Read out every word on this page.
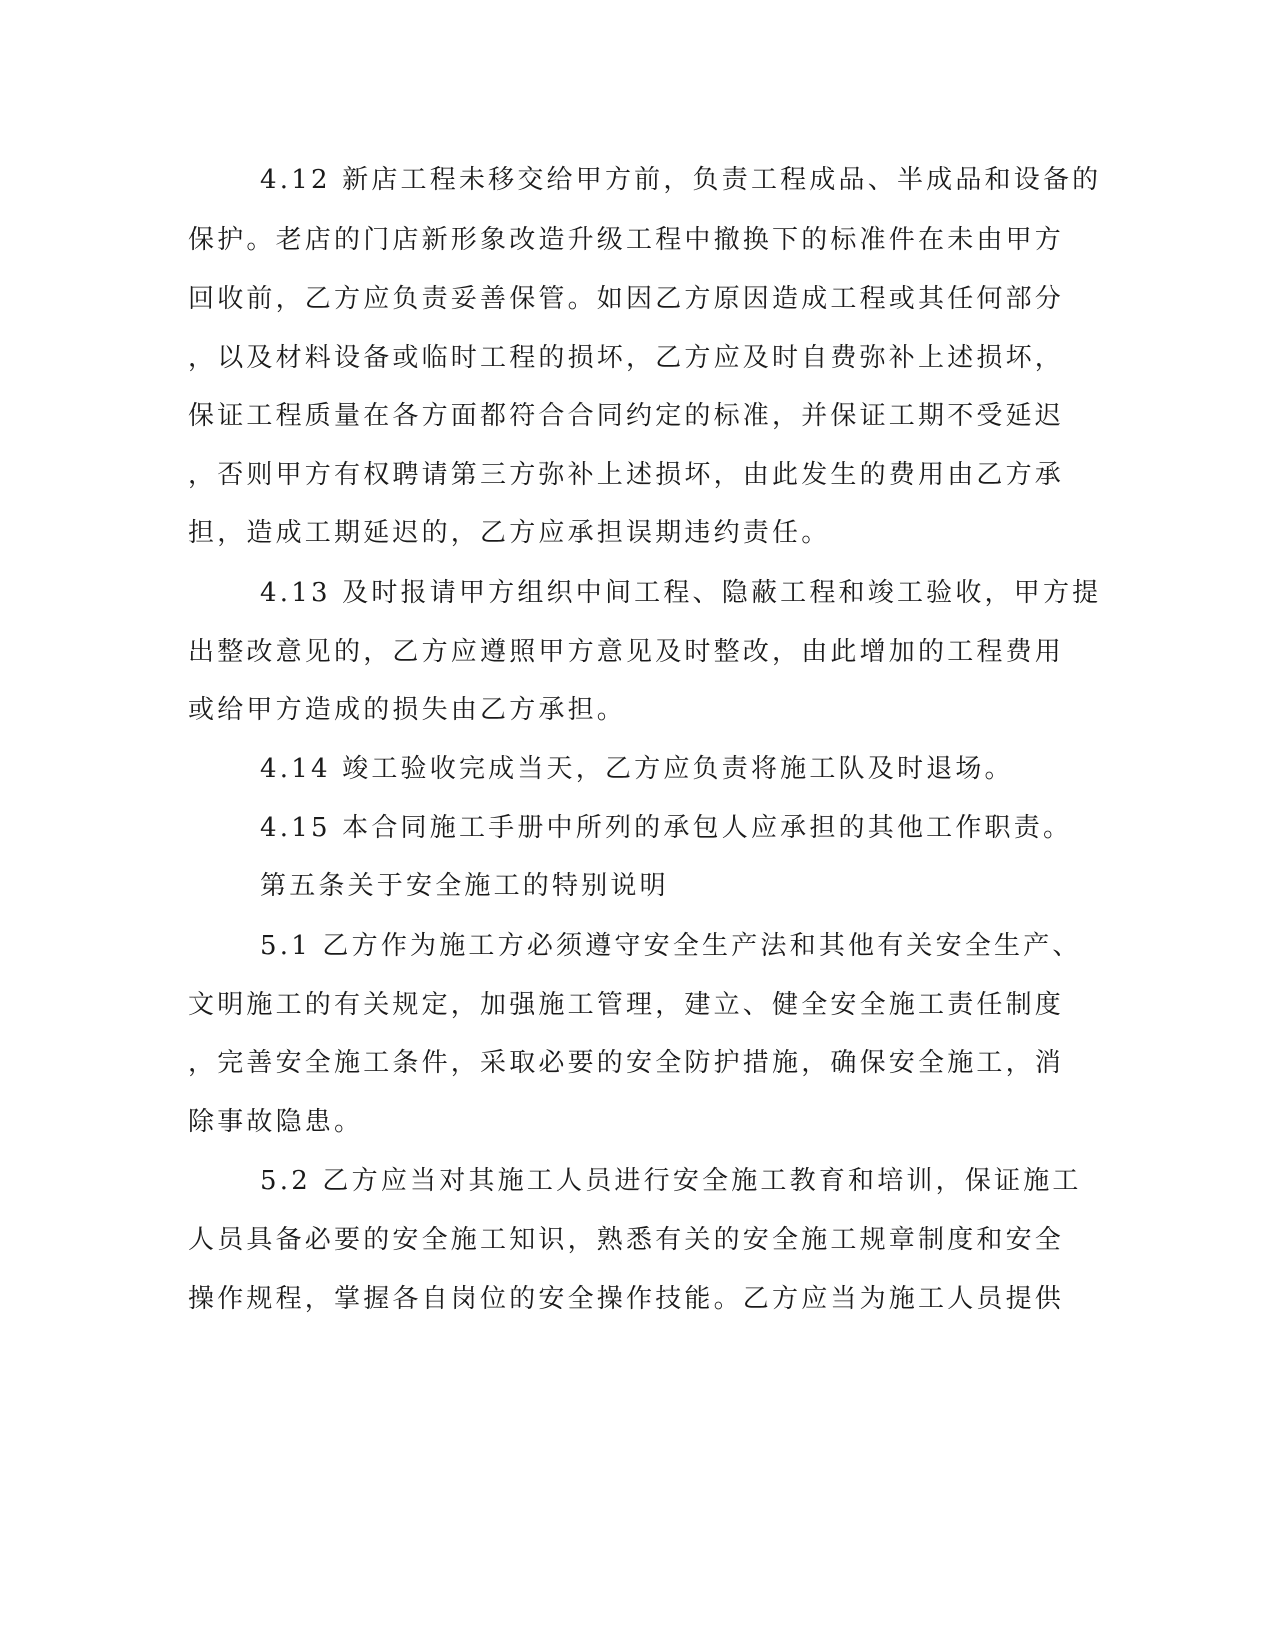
4.12 新店工程未移交给甲方前，负责工程成品、半成品和设备的
保护。老店的门店新形象改造升级工程中撤换下的标准件在未由甲方
回收前，乙方应负责妥善保管。如因乙方原因造成工程或其任何部分
，以及材料设备或临时工程的损坏，乙方应及时自费弥补上述损坏，
保证工程质量在各方面都符合合同约定的标准，并保证工期不受延迟
，否则甲方有权聘请第三方弥补上述损坏，由此发生的费用由乙方承
担，造成工期延迟的，乙方应承担误期违约责任。
4.13 及时报请甲方组织中间工程、隐蔽工程和竣工验收，甲方提
出整改意见的，乙方应遵照甲方意见及时整改，由此增加的工程费用
或给甲方造成的损失由乙方承担。
4.14 竣工验收完成当天，乙方应负责将施工队及时退场。
4.15 本合同施工手册中所列的承包人应承担的其他工作职责。
第五条关于安全施工的特别说明
5.1 乙方作为施工方必须遵守安全生产法和其他有关安全生产、
文明施工的有关规定，加强施工管理，建立、健全安全施工责任制度
，完善安全施工条件，采取必要的安全防护措施，确保安全施工，消
除事故隐患。
5.2 乙方应当对其施工人员进行安全施工教育和培训，保证施工
人员具备必要的安全施工知识，熟悉有关的安全施工规章制度和安全
操作规程，掌握各自岗位的安全操作技能。乙方应当为施工人员提供
